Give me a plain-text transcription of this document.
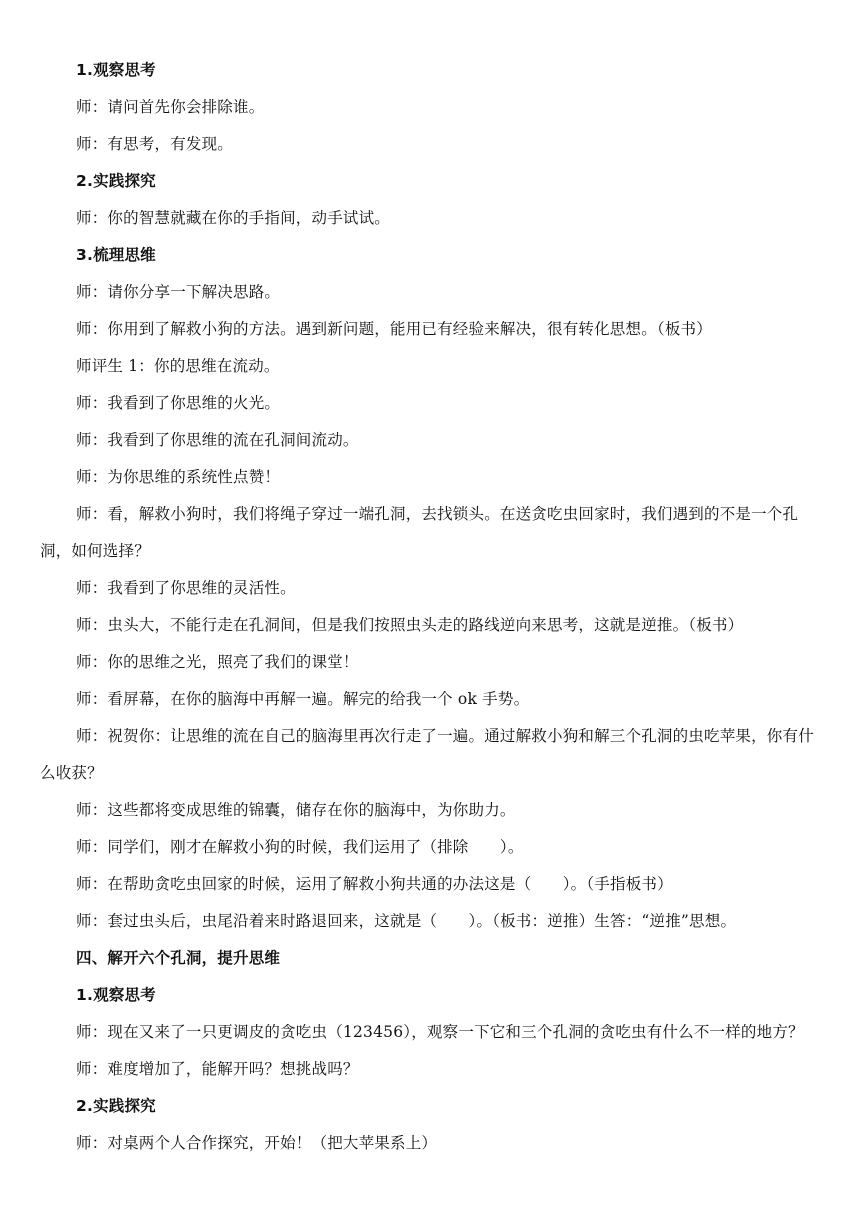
1.观察思考
师：请问首先你会排除谁。
师：有思考，有发现。
2.实践探究
师：你的智慧就藏在你的手指间，动手试试。
3.梳理思维
师：请你分享一下解决思路。
师：你用到了解救小狗的方法。遇到新问题，能用已有经验来解决，很有转化思想。（板书）
师评生 1：你的思维在流动。
师：我看到了你思维的火光。
师：我看到了你思维的流在孔洞间流动。
师：为你思维的系统性点赞！
师：看，解救小狗时，我们将绳子穿过一端孔洞，去找锁头。在送贪吃虫回家时，我们遇到的不是一个孔洞，如何选择？
师：我看到了你思维的灵活性。
师：虫头大，不能行走在孔洞间，但是我们按照虫头走的路线逆向来思考，这就是逆推。（板书）
师：你的思维之光，照亮了我们的课堂！
师：看屏幕，在你的脑海中再解一遍。解完的给我一个 ok 手势。
师：祝贺你：让思维的流在自己的脑海里再次行走了一遍。通过解救小狗和解三个孔洞的虫吃苹果，你有什么收获？
师：这些都将变成思维的锦囊，储存在你的脑海中，为你助力。
师：同学们，刚才在解救小狗的时候，我们运用了（排除　　）。
师：在帮助贪吃虫回家的时候，运用了解救小狗共通的办法这是（　　）。（手指板书）
师：套过虫头后，虫尾沿着来时路退回来，这就是（　　）。（板书：逆推）生答：“逆推”思想。
四、解开六个孔洞，提升思维
1.观察思考
师：现在又来了一只更调皮的贪吃虫（123456），观察一下它和三个孔洞的贪吃虫有什么不一样的地方？
师：难度增加了，能解开吗？想挑战吗？
2.实践探究
师：对桌两个人合作探究，开始！（把大苹果系上）
